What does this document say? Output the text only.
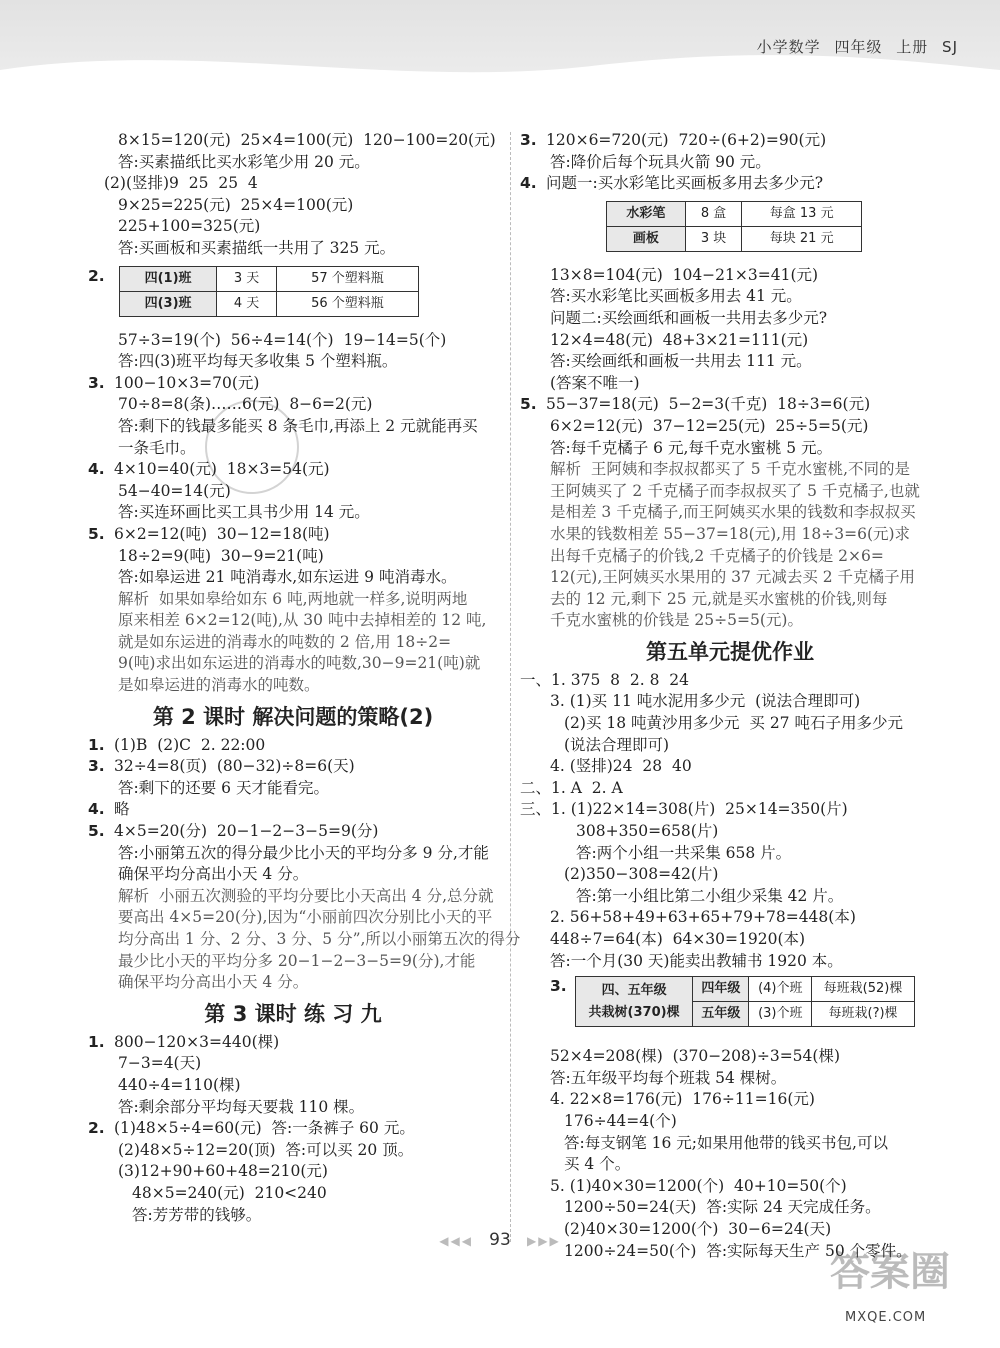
小学数学 四年级 上册 SJ
8×15=120(元)  25×4=100(元)  120−100=20(元)
答:买素描纸比买水彩笔少用 20 元。
(2)(竖排)9  25  25  4
9×25=225(元)  25×4=100(元)
225+100=325(元)
答:买画板和买素描纸一共用了 325 元。
2.	四(1)班	3 天	57 个塑料瓶
四(3)班	4 天	56 个塑料瓶
57÷3=19(个)  56÷4=14(个)  19−14=5(个)
答:四(3)班平均每天多收集 5 个塑料瓶。
3. 100−10×3=70(元)
70÷8=8(条)……6(元)  8−6=2(元)
答:剩下的钱最多能买 8 条毛巾,再添上 2 元就能再买
一条毛巾。
4. 4×10=40(元)  18×3=54(元)
54−40=14(元)
答:买连环画比买工具书少用 14 元。
5. 6×2=12(吨)  30−12=18(吨)
18÷2=9(吨)  30−9=21(吨)
答:如皋运进 21 吨消毒水,如东运进 9 吨消毒水。
解析  如果如皋给如东 6 吨,两地就一样多,说明两地
原来相差 6×2=12(吨),从 30 吨中去掉相差的 12 吨,
就是如东运进的消毒水的吨数的 2 倍,用 18÷2=
9(吨)求出如东运进的消毒水的吨数,30−9=21(吨)就
是如皋运进的消毒水的吨数。
第 2 课时 解决问题的策略(2)
1. (1)B  (2)C  2. 22:00
3. 32÷4=8(页)  (80−32)÷8=6(天)
答:剩下的还要 6 天才能看完。
4. 略
5. 4×5=20(分)  20−1−2−3−5=9(分)
答:小丽第五次的得分最少比小天的平均分多 9 分,才能
确保平均分高出小天 4 分。
解析  小丽五次测验的平均分要比小天高出 4 分,总分就
要高出 4×5=20(分),因为“小丽前四次分别比小天的平
均分高出 1 分、2 分、3 分、5 分”,所以小丽第五次的得分
最少比小天的平均分多 20−1−2−3−5=9(分),才能
确保平均分高出小天 4 分。
第 3 课时 练 习 九
1. 800−120×3=440(棵)
7−3=4(天)
440÷4=110(棵)
答:剩余部分平均每天要栽 110 棵。
2. (1)48×5÷4=60(元)  答:一条裤子 60 元。
(2)48×5÷12=20(顶)  答:可以买 20 顶。
(3)12+90+60+48=210(元)
48×5=240(元)  210<240
答:芳芳带的钱够。
3. 120×6=720(元)  720÷(6+2)=90(元)
答:降价后每个玩具火箭 90 元。
4. 问题一:买水彩笔比买画板多用去多少元?
水彩笔	8 盒	每盒 13 元
画板	3 块	每块 21 元
13×8=104(元)  104−21×3=41(元)
答:买水彩笔比买画板多用去 41 元。
问题二:买绘画纸和画板一共用去多少元?
12×4=48(元)  48+3×21=111(元)
答:买绘画纸和画板一共用去 111 元。
(答案不唯一)
5. 55−37=18(元)  5−2=3(千克)  18÷3=6(元)
6×2=12(元)  37−12=25(元)  25÷5=5(元)
答:每千克橘子 6 元,每千克水蜜桃 5 元。
解析  王阿姨和李叔叔都买了 5 千克水蜜桃,不同的是
王阿姨买了 2 千克橘子而李叔叔买了 5 千克橘子,也就
是相差 3 千克橘子,而王阿姨买水果的钱数和李叔叔买
水果的钱数相差 55−37=18(元),用 18÷3=6(元)求
出每千克橘子的价钱,2 千克橘子的价钱是 2×6=
12(元),王阿姨买水果用的 37 元减去买 2 千克橘子用
去的 12 元,剩下 25 元,就是买水蜜桃的价钱,则每
千克水蜜桃的价钱是 25÷5=5(元)。
第五单元提优作业
一、1. 375  8  2. 8  24
3. (1)买 11 吨水泥用多少元  (说法合理即可)
(2)买 18 吨黄沙用多少元  买 27 吨石子用多少元
(说法合理即可)
4. (竖排)24  28  40
二、1. A  2. A
三、1. (1)22×14=308(片)  25×14=350(片)
308+350=658(片)
答:两个小组一共采集 658 片。
(2)350−308=42(片)
答:第一小组比第二小组少采集 42 片。
2. 56+58+49+63+65+79+78=448(本)
448÷7=64(本)  64×30=1920(本)
答:一个月(30 天)能卖出教辅书 1920 本。
3.	四、五年级
共栽树(370)棵	四年级	(4)个班	每班栽(52)棵
	五年级	(3)个班	每班栽(?)棵
52×4=208(棵)  (370−208)÷3=54(棵)
答:五年级平均每个班栽 54 棵树。
4. 22×8=176(元)  176÷11=16(元)
176÷44=4(个)
答:每支钢笔 16 元;如果用他带的钱买书包,可以
买 4 个。
5. (1)40×30=1200(个)  40+10=50(个)
1200÷50=24(天)  答:实际 24 天完成任务。
(2)40×30=1200(个)  30−6=24(天)
1200÷24=50(个)  答:实际每天生产 50 个零件。
◀◀◀ 93 ▶▶▶
答案圈
MXQE.COM
